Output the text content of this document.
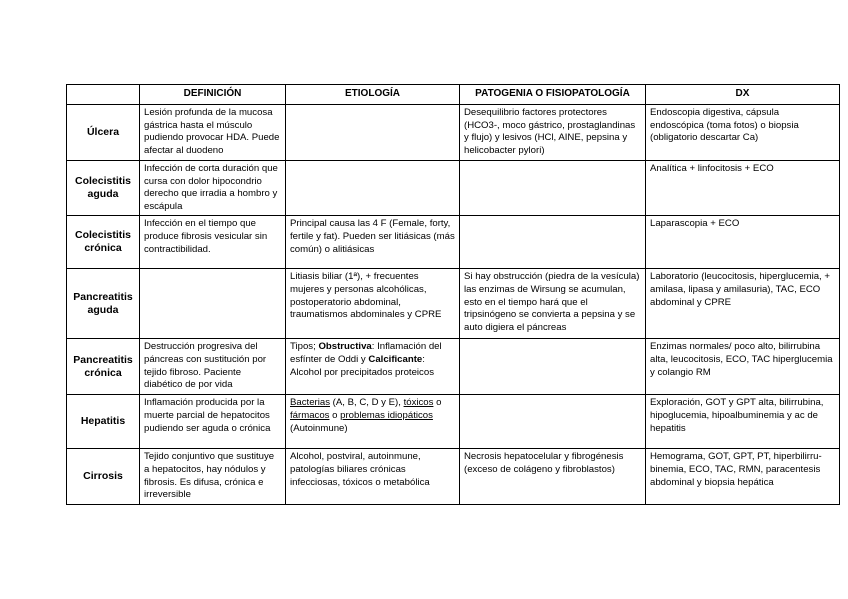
	DEFINICIÓN	ETIOLOGÍA	PATOGENIA O FISIOPATOLOGÍA	DX
Úlcera	Lesión profunda de la mucosa gástrica hasta el músculo pudiendo provocar HDA. Puede afectar al duodeno		Desequilibrio factores protectores (HCO3-, moco gástrico, prostaglandinas y flujo) y lesivos (HCl, AINE, pepsina y helicobacter pylori)	Endoscopia digestiva, cápsula endoscópica (toma fotos) o biopsia (obligatorio descartar Ca)
Colecistitis aguda	Infección de corta duración que cursa con dolor hipocondrio derecho que irradia a hombro y escápula			Analítica + linfocitosis + ECO
Colecistitis crónica	Infección en el tiempo que produce fibrosis vesicular sin contractibilidad.	Principal causa las 4 F (Female, forty, fertile y fat). Pueden ser litiásicas (más común) o alitiásicas		Laparascopia + ECO
Pancreatitis aguda		Litiasis biliar (1ª), + frecuentes mujeres y personas alcohólicas, postoperatorio abdominal, traumatismos abdominales y CPRE	Si hay obstrucción (piedra de la vesícula) las enzimas de Wirsung se acumulan, esto en el tiempo hará que el tripsinógeno se convierta a pepsina y se auto digiera el páncreas	Laboratorio (leucocitosis, hiperglucemia, + amilasa, lipasa y amilasuria), TAC, ECO abdominal y CPRE
Pancreatitis crónica	Destrucción progresiva del páncreas con sustitución por tejido fibroso. Paciente diabético de por vida	Tipos; Obstructiva: Inflamación del esfínter de Oddi y Calcificante: Alcohol por precipitados proteicos		Enzimas normales/ poco alto, bilirrubina alta, leucocitosis, ECO, TAC hiperglucemia y colangio RM
Hepatitis	Inflamación producida por la muerte parcial de hepatocitos pudiendo ser aguda o crónica	Bacterias (A, B, C, D y E), tóxicos o fármacos o problemas idiopáticos (Autoinmune)		Exploración, GOT y GPT alta, bilirrubina, hipoglucemia, hipoalbuminemia y ac de hepatitis
Cirrosis	Tejido conjuntivo que sustituye a hepatocitos, hay nódulos y fibrosis. Es difusa, crónica e irreversible	Alcohol, postviral, autoinmune, patologías biliares crónicas infecciosas, tóxicos o metabólica	Necrosis hepatocelular y fibrogénesis (exceso de colágeno y fibroblastos)	Hemograma, GOT, GPT, PT, hiperbilirru-binemia, ECO, TAC, RMN, paracentesis abdominal y biopsia hepática
